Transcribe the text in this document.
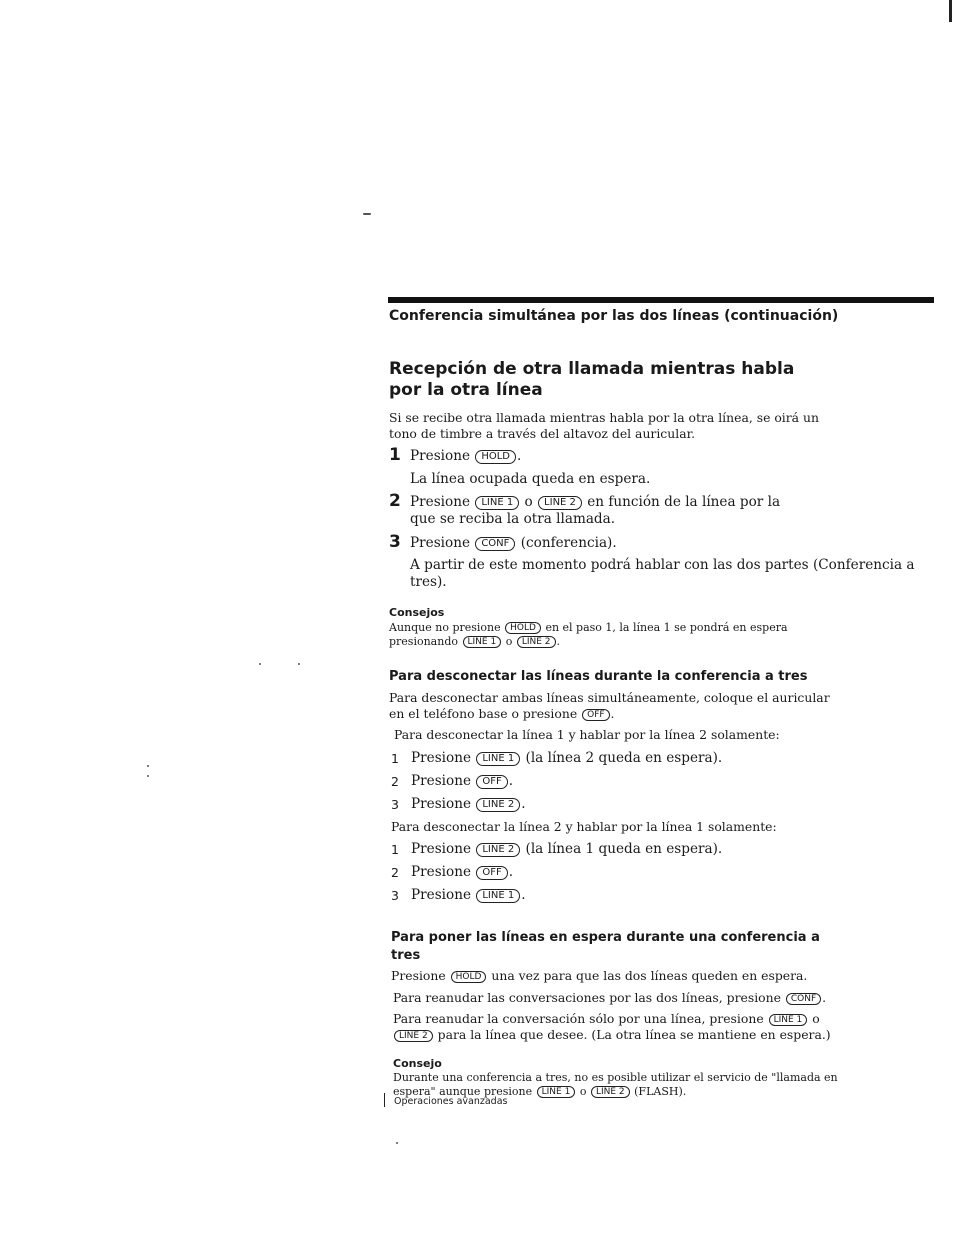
Conferencia simultánea por las dos líneas (continuación)
Recepción de otra llamada mientras habla
por la otra línea
Si se recibe otra llamada mientras habla por la otra línea, se oirá un
tono de timbre a través del altavoz del auricular.
1 Presione HOLD .
La línea ocupada queda en espera.
2 Presione LINE 1 o LINE 2 en función de la línea por la
que se reciba la otra llamada.
3 Presione CONF (conferencia).
A partir de este momento podrá hablar con las dos partes (Conferencia a
tres).
Consejos
Aunque no presione HOLD en el paso 1, la línea 1 se pondrá en espera
presionando LINE 1 o LINE 2 .
Para desconectar las líneas durante la conferencia a tres
Para desconectar ambas líneas simultáneamente, coloque el auricular
en el teléfono base o presione OFF .
Para desconectar la línea 1 y hablar por la línea 2 solamente:
1 Presione LINE 1 (la línea 2 queda en espera).
2 Presione OFF .
3 Presione LINE 2 .
Para desconectar la línea 2 y hablar por la línea 1 solamente:
1 Presione LINE 2 (la línea 1 queda en espera).
2 Presione OFF .
3 Presione LINE 1 .
Para poner las líneas en espera durante una conferencia a
tres
Presione HOLD una vez para que las dos líneas queden en espera.
Para reanudar las conversaciones por las dos líneas, presione CONF .
Para reanudar la conversación sólo por una línea, presione LINE 1 o
LINE 2 para la línea que desee. (La otra línea se mantiene en espera.)
Consejo
Durante una conferencia a tres, no es posible utilizar el servicio de "llamada en
espera" aunque presione LINE 1 o LINE 2 (FLASH).
Operaciones avanzadas
